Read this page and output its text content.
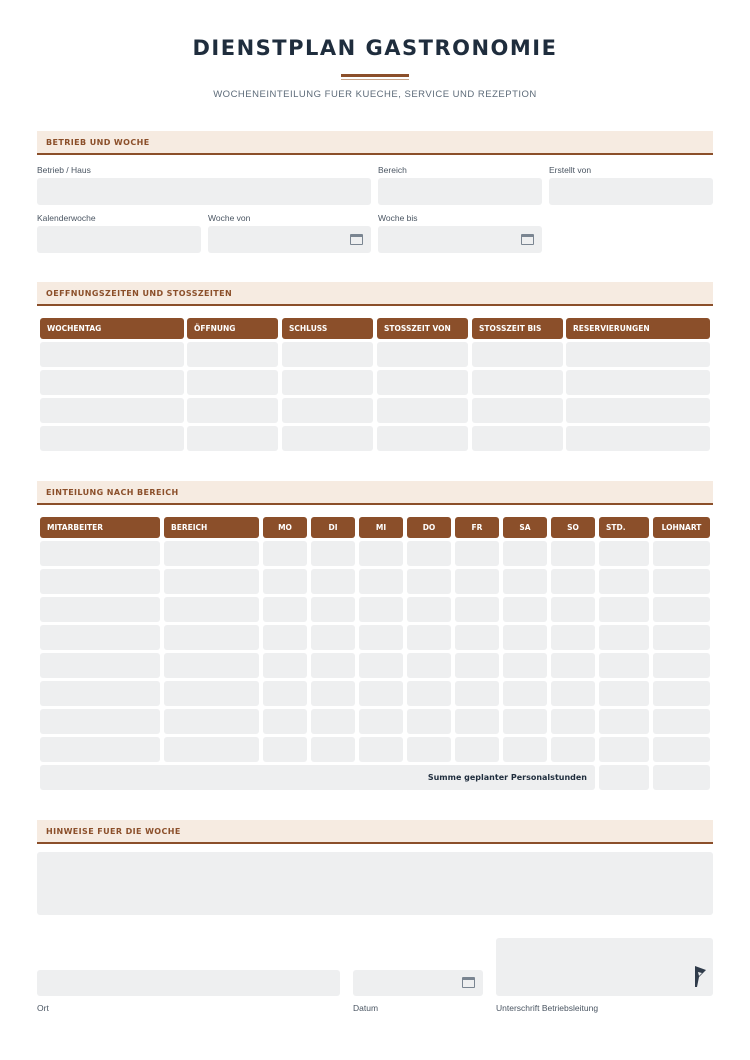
DIENSTPLAN GASTRONOMIE
WOCHENEINTEILUNG FUER KUECHE, SERVICE UND REZEPTION
BETRIEB UND WOCHE
Betrieb / Haus	Bereich	Erstellt von
Kalenderwoche	Woche von	Woche bis
OEFFNUNGSZEITEN UND STOSSZEITEN
WOCHENTAG	ÖFFNUNG	SCHLUSS	STOSSZEIT VON	STOSSZEIT BIS	RESERVIERUNGEN
EINTEILUNG NACH BEREICH
MITARBEITER	BEREICH	MO	DI	MI	DO	FR	SA	SO	STD.	LOHNART
Summe geplanter Personalstunden
HINWEISE FUER DIE WOCHE
Ort	Datum	Unterschrift Betriebsleitung
